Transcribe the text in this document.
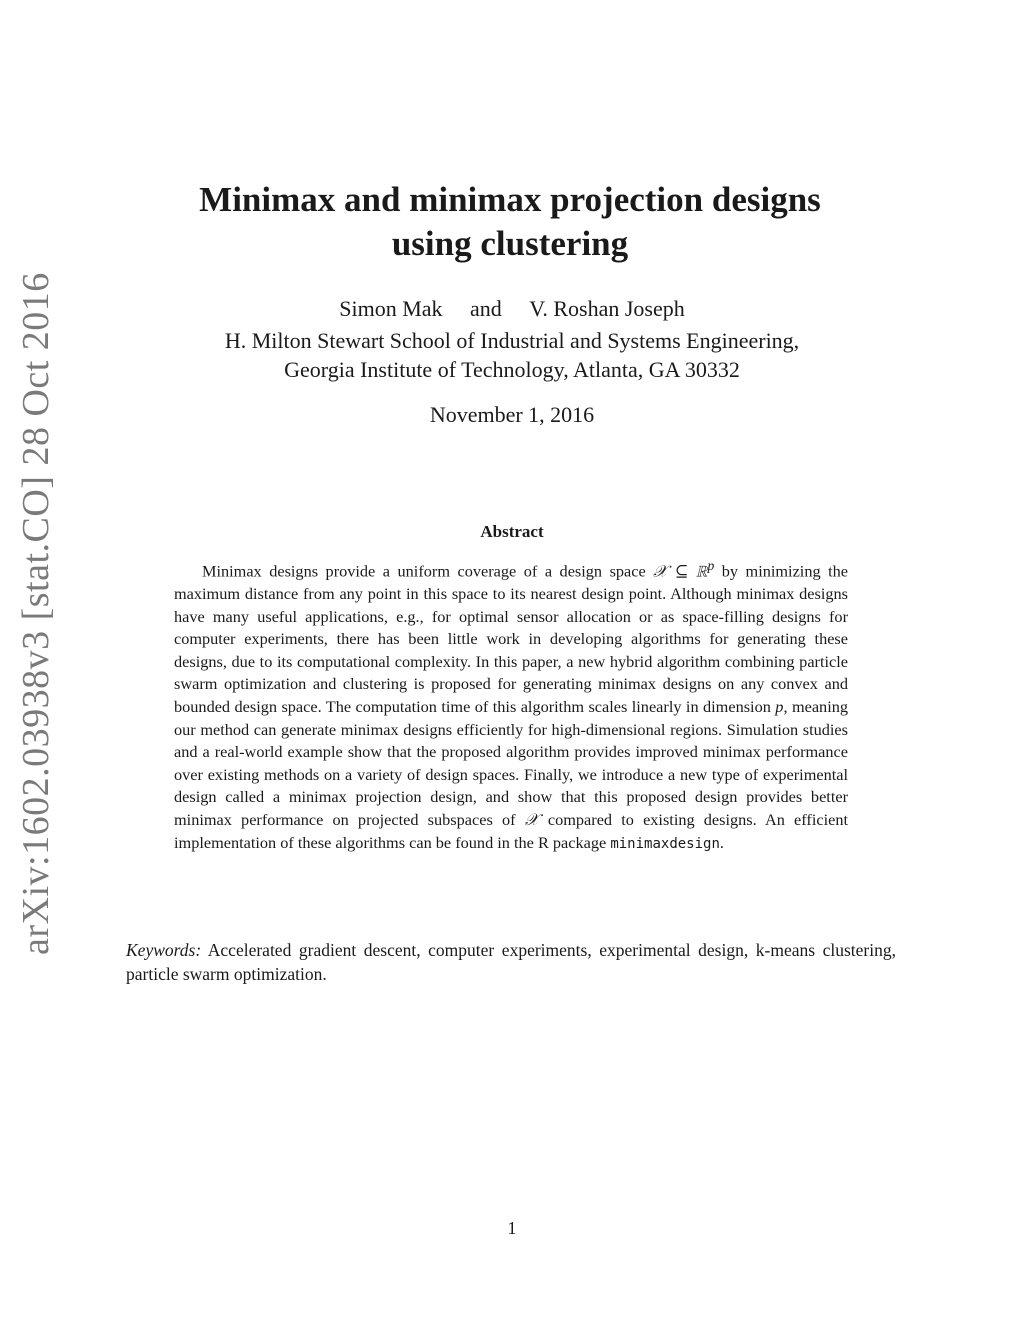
arXiv:1602.03938v3 [stat.CO] 28 Oct 2016
Minimax and minimax projection designs
using clustering
Simon Mak and V. Roshan Joseph
H. Milton Stewart School of Industrial and Systems Engineering,
Georgia Institute of Technology, Atlanta, GA 30332
November 1, 2016
Abstract
Minimax designs provide a uniform coverage of a design space 𝒳 ⊆ ℝ$^p$ by minimizing the maximum distance from any point in this space to its nearest design point. Although minimax designs have many useful applications, e.g., for optimal sensor allocation or as space-filling designs for computer experiments, there has been little work in developing algorithms for generating these designs, due to its computational complexity. In this paper, a new hybrid algorithm combining particle swarm optimization and clustering is proposed for generating minimax designs on any convex and bounded design space. The computation time of this algorithm scales linearly in dimension p, meaning our method can generate minimax designs efficiently for high-dimensional regions. Simulation studies and a real-world example show that the proposed algorithm provides improved minimax performance over existing methods on a variety of design spaces. Finally, we introduce a new type of experimental design called a minimax projection design, and show that this proposed design provides better minimax performance on projected subspaces of 𝒳 compared to existing designs. An efficient implementation of these algorithms can be found in the R package minimaxdesign.
Keywords: Accelerated gradient descent, computer experiments, experimental design, k-means clustering, particle swarm optimization.
1
